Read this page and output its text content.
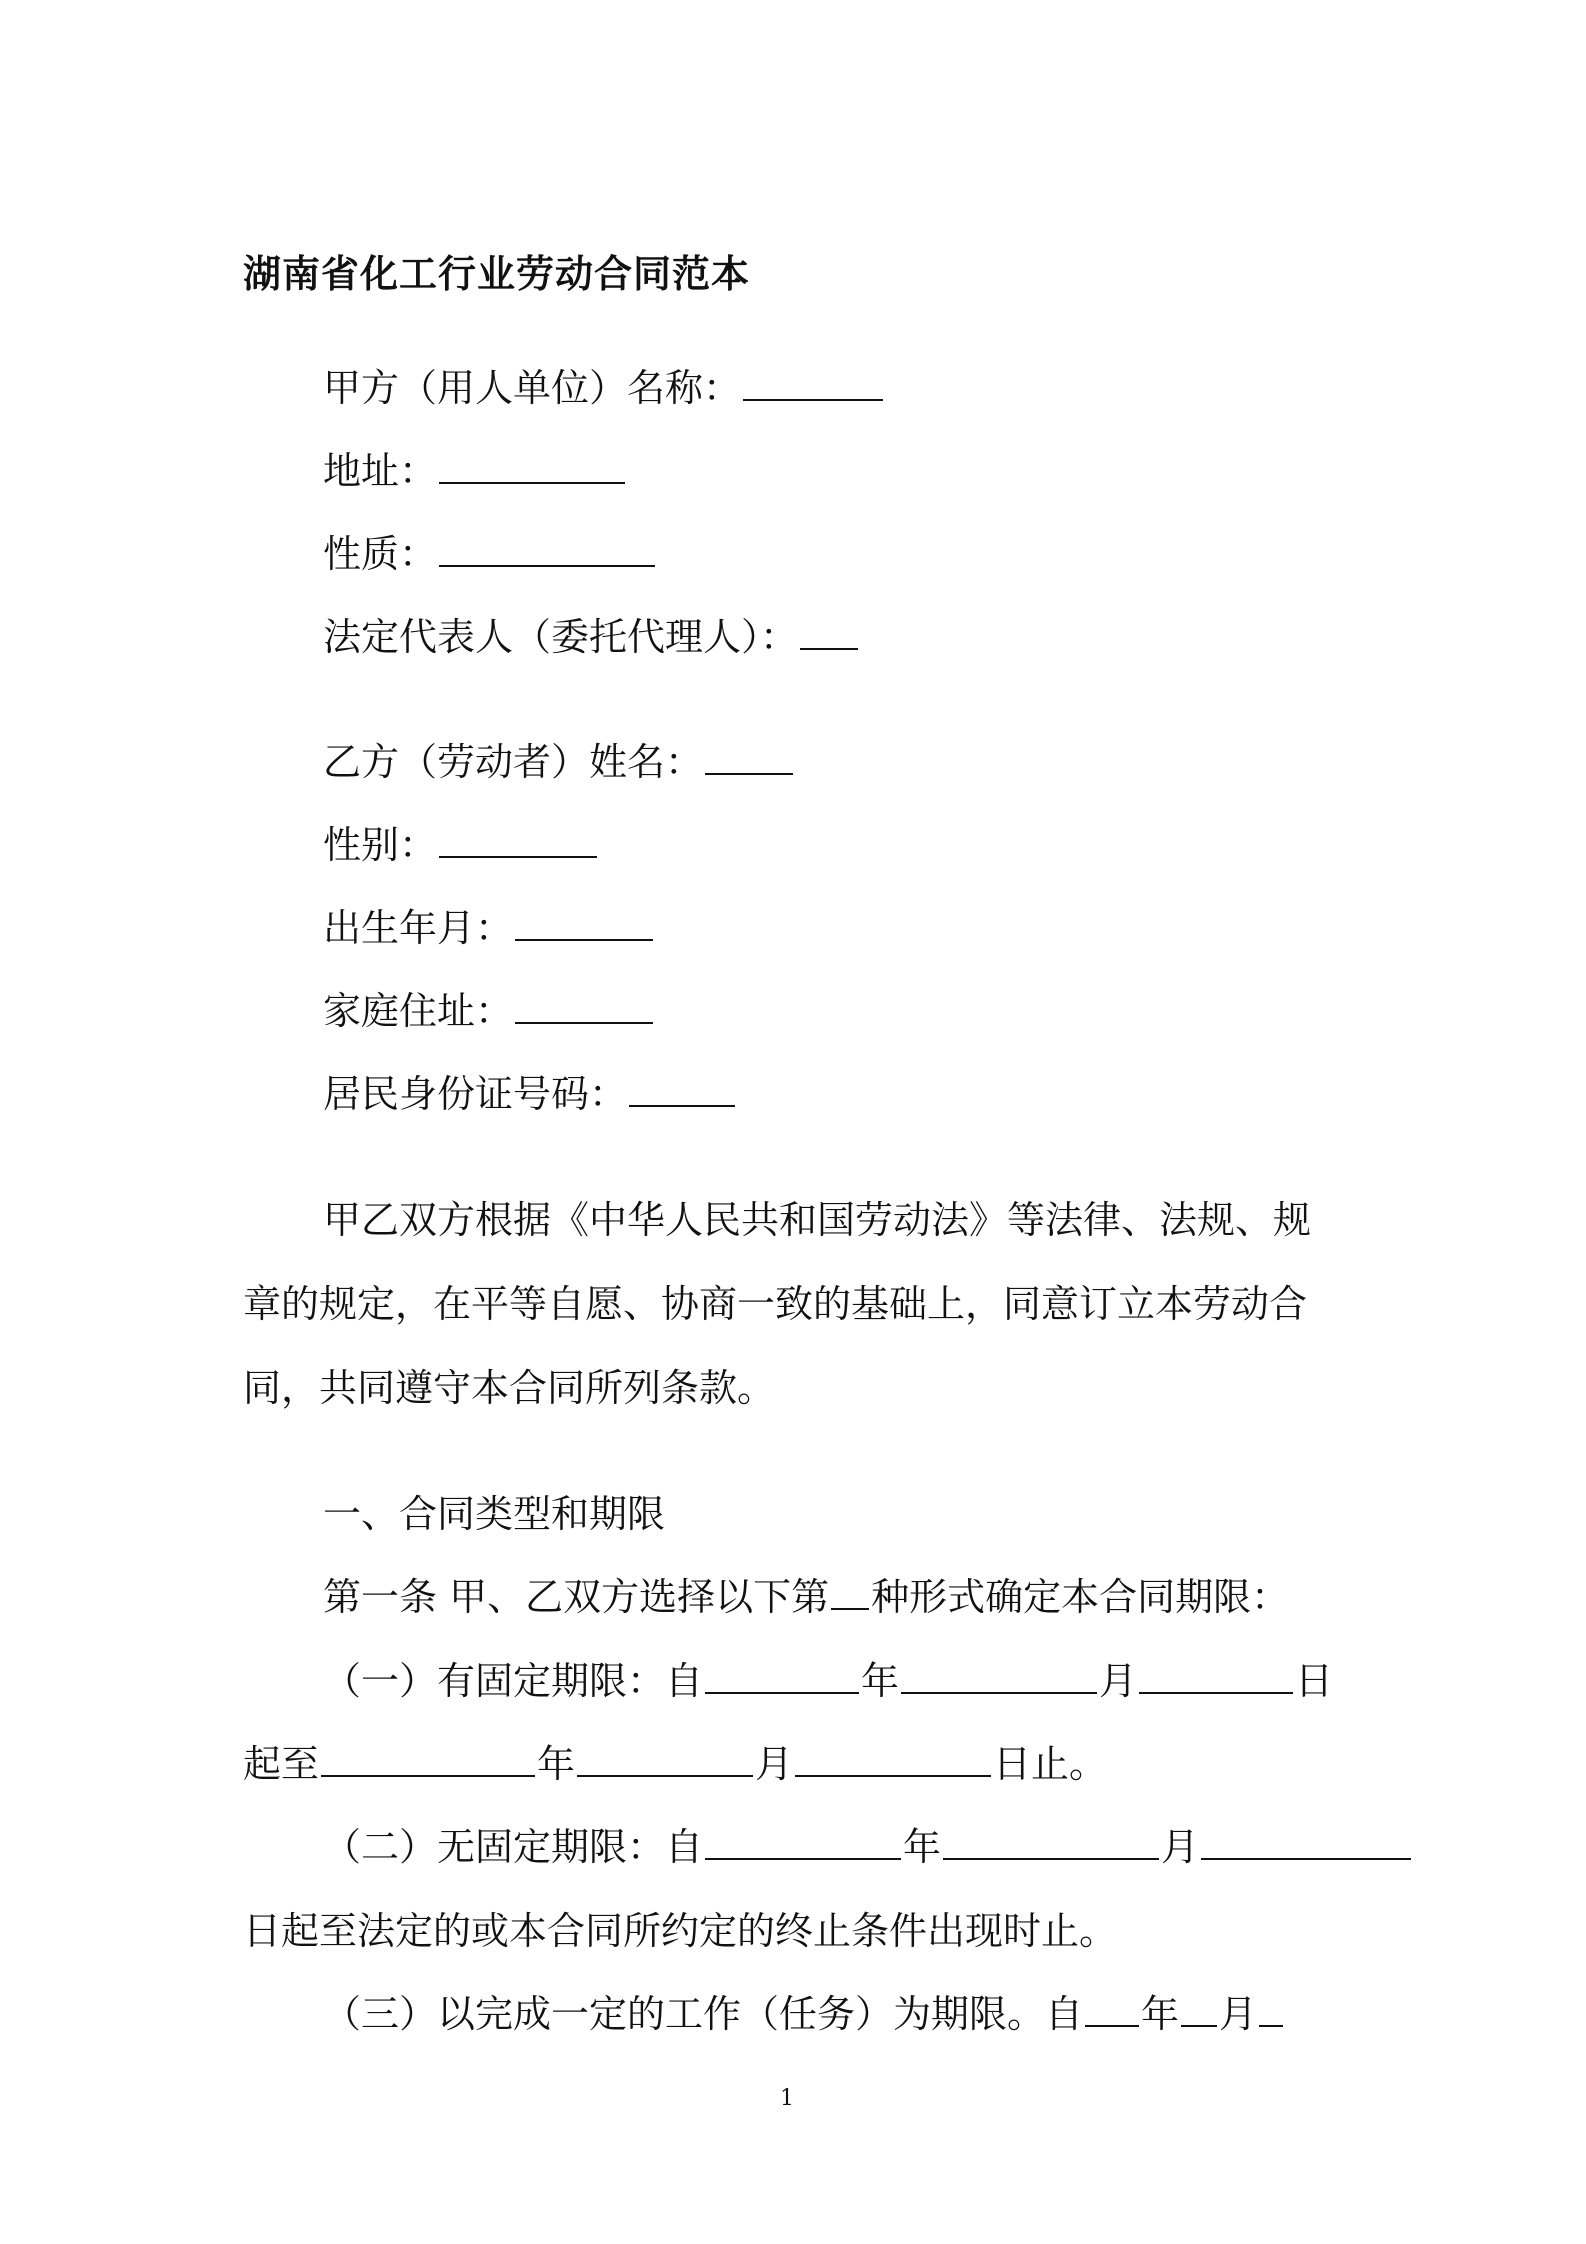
湖南省化工行业劳动合同范本
甲方（用人单位）名称：
地址：
性质：
法定代表人（委托代理人）：
乙方（劳动者）姓名：
性别：
出生年月：
家庭住址：
居民身份证号码：
甲乙双方根据《中华人民共和国劳动法》等法律、法规、规
章的规定，在平等自愿、协商一致的基础上，同意订立本劳动合
同，共同遵守本合同所列条款。
一、合同类型和期限
第一条 甲、乙双方选择以下第 种形式确定本合同期限：
（一）有固定期限：自	年	月	日
起至	年	月	日止。
（二）无固定期限：自	年	月
日起至法定的或本合同所约定的终止条件出现时止。
（三）以完成一定的工作（任务）为期限。自 年 月
1
